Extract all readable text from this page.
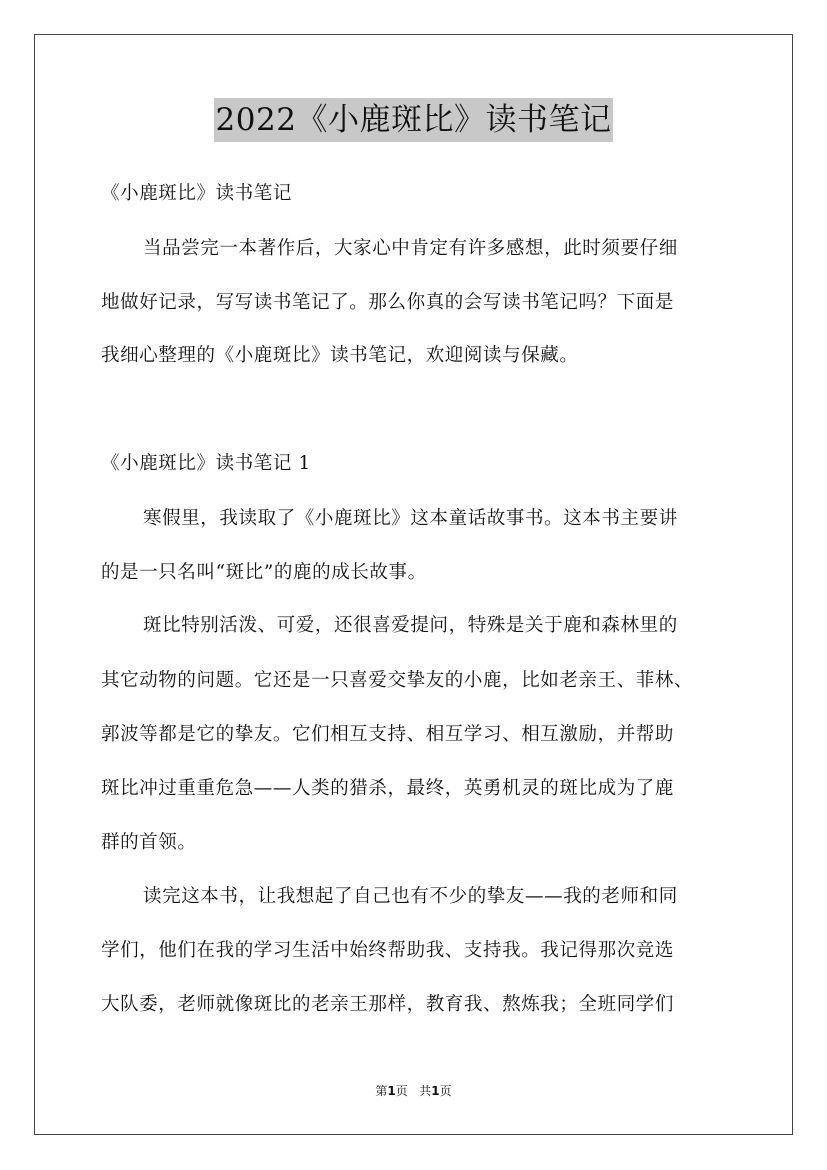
2022《小鹿斑比》读书笔记
《小鹿斑比》读书笔记
当品尝完一本著作后，大家心中肯定有许多感想，此时须要仔细
地做好记录，写写读书笔记了。那么你真的会写读书笔记吗？下面是
我细心整理的《小鹿斑比》读书笔记，欢迎阅读与保藏。
《小鹿斑比》读书笔记 1
寒假里，我读取了《小鹿斑比》这本童话故事书。这本书主要讲
的是一只名叫“斑比”的鹿的成长故事。
斑比特别活泼、可爱，还很喜爱提问，特殊是关于鹿和森林里的
其它动物的问题。它还是一只喜爱交挚友的小鹿，比如老亲王、菲林、
郭波等都是它的挚友。它们相互支持、相互学习、相互激励，并帮助
斑比冲过重重危急——人类的猎杀，最终，英勇机灵的斑比成为了鹿
群的首领。
读完这本书，让我想起了自己也有不少的挚友——我的老师和同
学们，他们在我的学习生活中始终帮助我、支持我。我记得那次竞选
大队委，老师就像斑比的老亲王那样，教育我、熬炼我；全班同学们
第1页 共1页
